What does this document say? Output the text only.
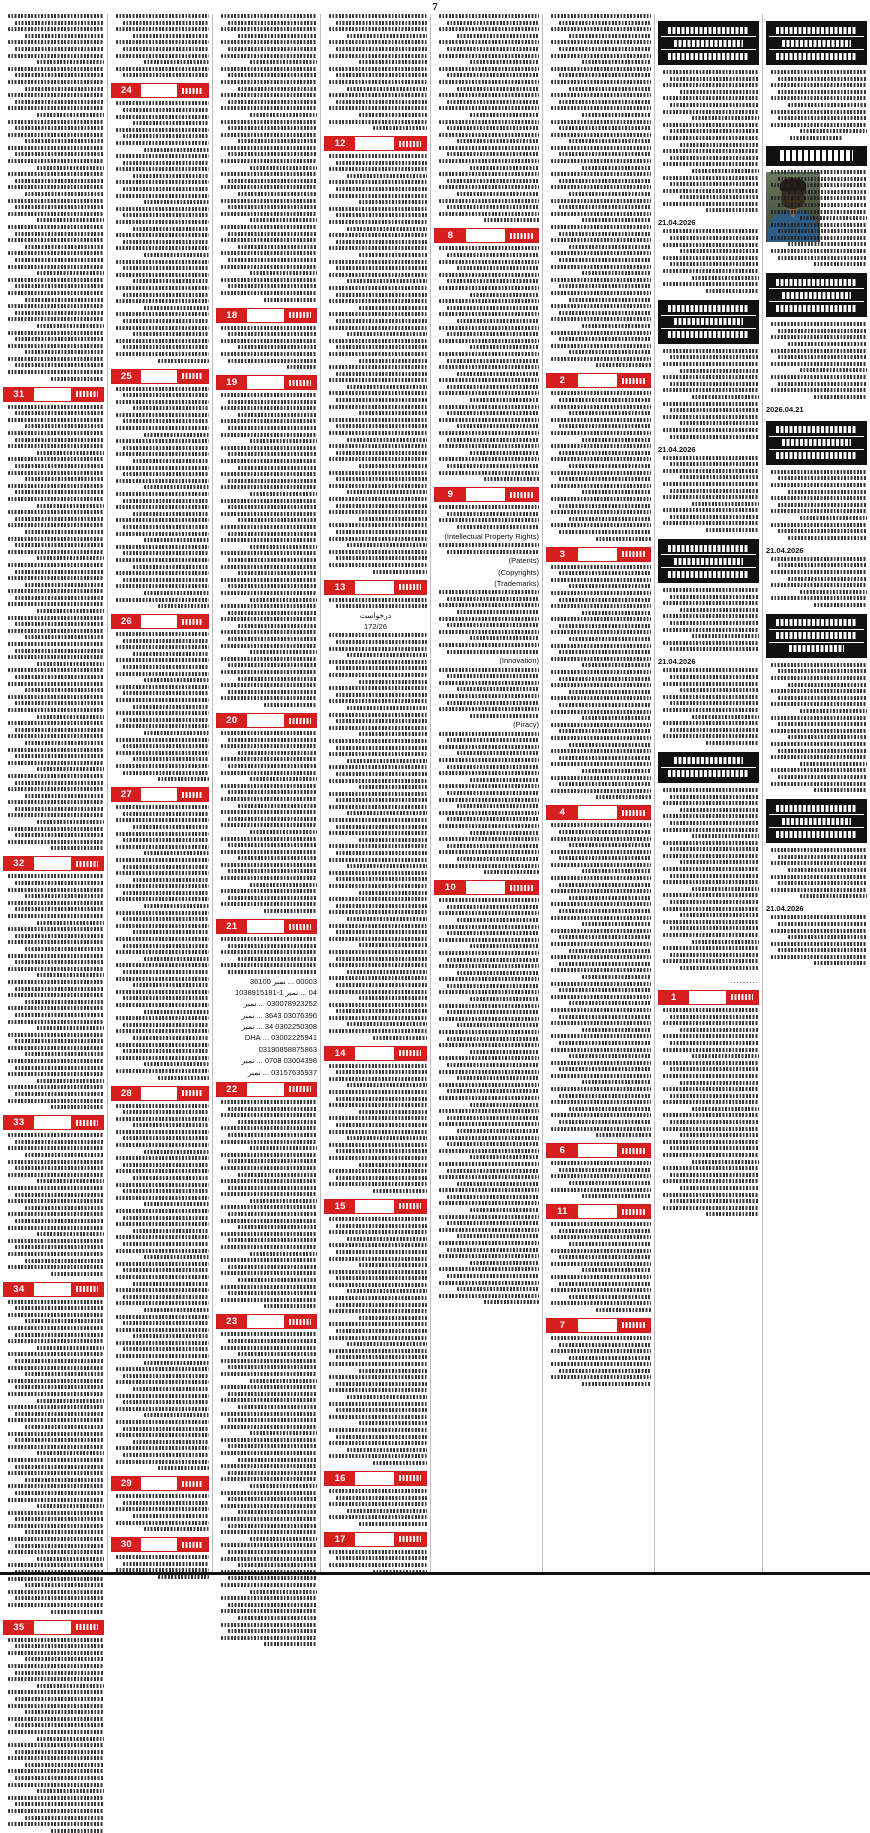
7
2026.04.21
21.04.2026
21.04.2026
21.04.2026
21.04.2026
21.04.2026
.........
1
2
3
4
6
11
7
8
9
(Intellectual Property Rights)
(Patents)
(Copyrights)
(Trademarks)
(Innovation)
(Piracy)
10
12
13
درخواست
172/26
14
15
16
17
18
19
20
21
00003 ... نمبر 36100
04 ... نمبر 1-1038915181
030078923252 ... نمبر
03076396 3643 ... نمبر
0302250308 34 ... نمبر
03002225941 ... DHA
03190858875863
03004398 0708 ... نمبر
03157635937 ... نمبر
22
23
24
25
26
27
28
29
30
31
32
33
34
35
